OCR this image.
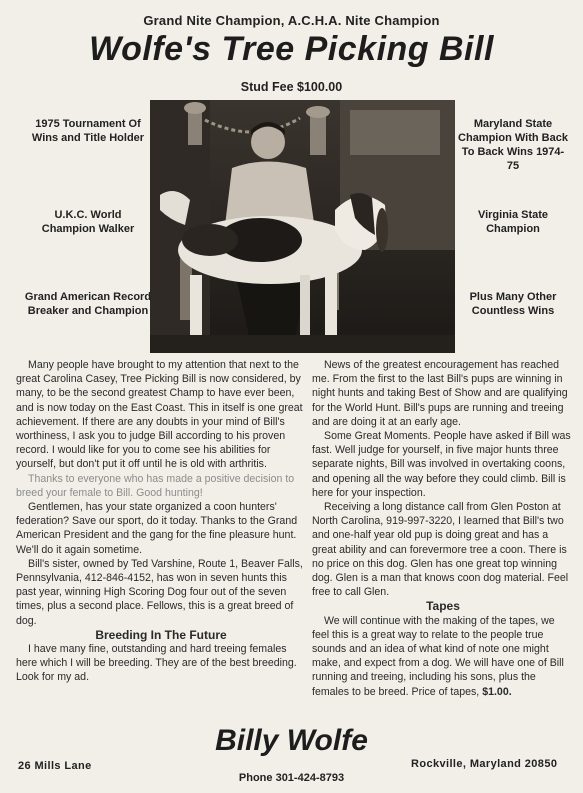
Grand Nite Champion, A.C.H.A. Nite Champion
Wolfe's Tree Picking Bill
Stud Fee $100.00
1975 Tournament Of Wins and Title Holder
U.K.C. World Champion Walker
Grand American Record Breaker and Champion
Maryland State Champion With Back To Back Wins 1974-75
Virginia State Champion
Plus Many Other Countless Wins

Many people have brought to my attention that next to the great Carolina Casey, Tree Picking Bill is now considered, by many, to be the second greatest Champ to have ever been, and is now today on the East Coast. This in itself is one great achievement. If there are any doubts in your mind of Bill's worthiness, I ask you to judge Bill according to his proven record. I would like for you to come see his abilities for yourself, but don't put it off until he is old with arthritis.

Thanks to everyone who has made a positive decision to breed your female to Bill. Good hunting!

Gentlemen, has your state organized a coon hunters' federation? Save our sport, do it today. Thanks to the Grand American President and the gang for the fine pleasure hunt. We'll do it again sometime.

Bill's sister, owned by Ted Varshine, Route 1, Beaver Falls, Pennsylvania, 412-846-4152, has won in seven hunts this past year, winning High Scoring Dog four out of the seven times, plus a second place. Fellows, this is a great breed of dog.

Breeding In The Future

I have many fine, outstanding and hard treeing females here which I will be breeding. They are of the best breeding. Look for my ad.

News of the greatest encouragement has reached me. From the first to the last Bill's pups are winning in night hunts and taking Best of Show and are qualifying for the World Hunt. Bill's pups are running and treeing and are doing it at an early age.

Some Great Moments. People have asked if Bill was fast. Well judge for yourself, in five major hunts three separate nights, Bill was involved in overtaking coons, and opening all the way before they could climb. Bill is here for your inspection.

Receiving a long distance call from Glen Poston at North Carolina, 919-997-3220, I learned that Bill's two and one-half year old pup is doing great and has a great ability and can forevermore tree a coon. There is no price on this dog. Glen has one great top winning dog. Glen is a man that knows coon dog material. Feel free to call Glen.

Tapes

We will continue with the making of the tapes, we feel this is a great way to relate to the people true sounds and an idea of what kind of note one might make, and expect from a dog. We will have one of Bill running and treeing, including his sons, plus the females to be breed. Price of tapes, $1.00.

Billy Wolfe
26 Mills Lane	Rockville, Maryland 20850
Phone 301-424-8793
